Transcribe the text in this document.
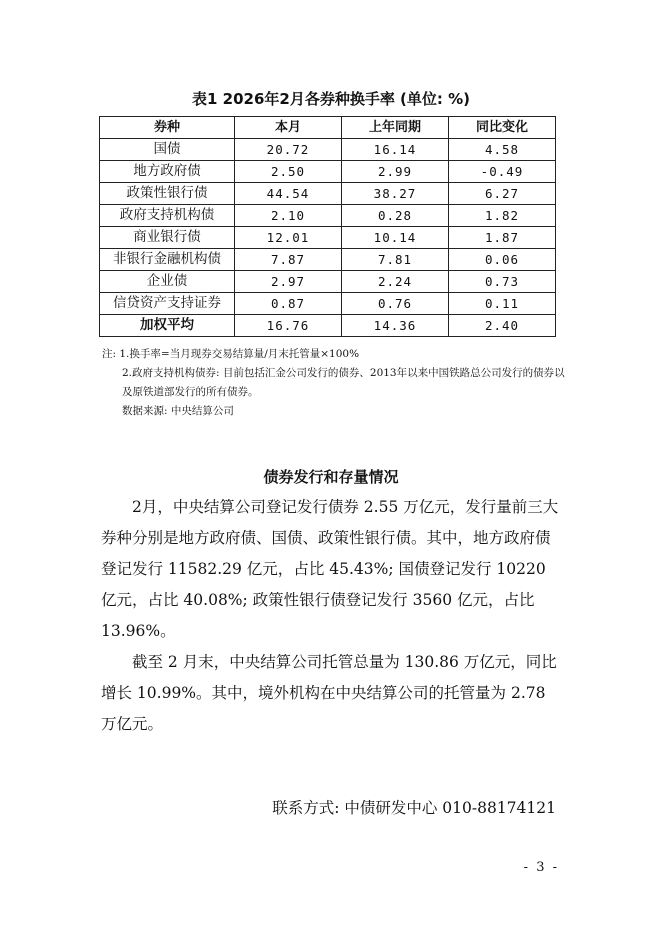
表1 2026年2月各券种换手率 (单位: %)
券种	本月	上年同期	同比变化
国债	20.72	16.14	4.58
地方政府债	2.50	2.99	-0.49
政策性银行债	44.54	38.27	6.27
政府支持机构债	2.10	0.28	1.82
商业银行债	12.01	10.14	1.87
非银行金融机构债	7.87	7.81	0.06
企业债	2.97	2.24	0.73
信贷资产支持证券	0.87	0.76	0.11
加权平均	16.76	14.36	2.40

注: 1.换手率=当月现券交易结算量/月末托管量×100%

2.政府支持机构债券: 目前包括汇金公司发行的债券、2013年以来中国铁路总公司发行的债券以及原铁道部发行的所有债券。

数据来源: 中央结算公司

债券发行和存量情况

2月，中央结算公司登记发行债券 2.55 万亿元，发行量前三大券种分别是地方政府债、国债、政策性银行债。其中，地方政府债登记发行 11582.29 亿元，占比 45.43%; 国债登记发行 10220 亿元，占比 40.08%; 政策性银行债登记发行 3560 亿元，占比 13.96%。

截至 2 月末，中央结算公司托管总量为 130.86 万亿元，同比增长 10.99%。其中，境外机构在中央结算公司的托管量为 2.78 万亿元。

联系方式: 中债研发中心 010-88174121
- 3 -
